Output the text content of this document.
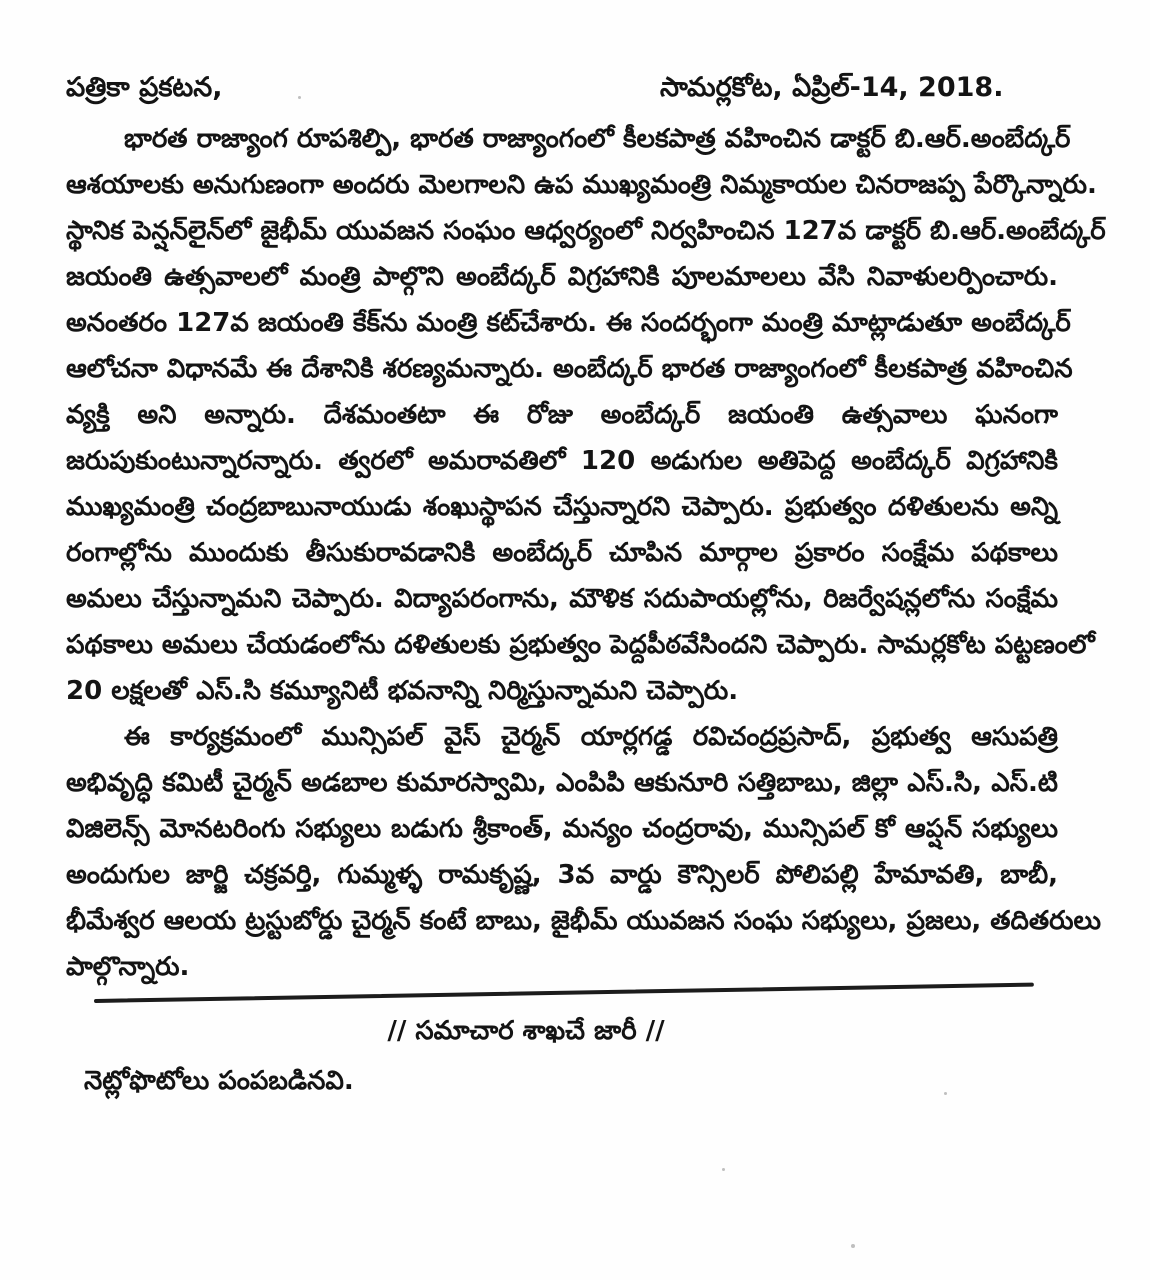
పత్రికా ప్రకటన,	సామర్లకోట, ఏప్రిల్-14, 2018.
భారత రాజ్యాంగ రూపశిల్పి, భారత రాజ్యాంగంలో కీలకపాత్ర వహించిన డాక్టర్ బి.ఆర్.అంబేద్కర్
ఆశయాలకు అనుగుణంగా అందరు మెలగాలని ఉప ముఖ్యమంత్రి నిమ్మకాయల చినరాజప్ప పేర్కొన్నారు.
స్థానిక పెన్షన్‌లైన్‌లో జైభీమ్ యువజన సంఘం ఆధ్వర్యంలో నిర్వహించిన 127వ డాక్టర్ బి.ఆర్.అంబేద్కర్
జయంతి ఉత్సవాలలో మంత్రి పాల్గొని అంబేద్కర్ విగ్రహానికి పూలమాలలు వేసి నివాళులర్పించారు.
అనంతరం 127వ జయంతి కేక్‌ను మంత్రి కట్‌చేశారు. ఈ సందర్భంగా మంత్రి మాట్లాడుతూ అంబేద్కర్
ఆలోచనా విధానమే ఈ దేశానికి శరణ్యమన్నారు. అంబేద్కర్ భారత రాజ్యాంగంలో కీలకపాత్ర వహించిన
వ్యక్తి అని అన్నారు. దేశమంతటా ఈ రోజు అంబేద్కర్ జయంతి ఉత్సవాలు ఘనంగా
జరుపుకుంటున్నారన్నారు. త్వరలో అమరావతిలో 120 అడుగుల అతిపెద్ద అంబేద్కర్ విగ్రహానికి
ముఖ్యమంత్రి చంద్రబాబునాయుడు శంఖుస్థాపన చేస్తున్నారని చెప్పారు. ప్రభుత్వం దళితులను అన్ని
రంగాల్లోను ముందుకు తీసుకురావడానికి అంబేద్కర్ చూపిన మార్గాల ప్రకారం సంక్షేమ పథకాలు
అమలు చేస్తున్నామని చెప్పారు. విద్యాపరంగాను, మౌళిక సదుపాయల్లోను, రిజర్వేషన్లలోను సంక్షేమ
పథకాలు అమలు చేయడంలోను దళితులకు ప్రభుత్వం పెద్దపీఠవేసిందని చెప్పారు. సామర్లకోట పట్టణంలో
20 లక్షలతో ఎస్.సి కమ్యూనిటీ భవనాన్ని నిర్మిస్తున్నామని చెప్పారు.
ఈ కార్యక్రమంలో మున్సిపల్ వైస్ చైర్మన్ యార్లగడ్డ రవిచంద్రప్రసాద్, ప్రభుత్వ ఆసుపత్రి
అభివృద్ధి కమిటీ చైర్మన్ అడబాల కుమారస్వామి, ఎంపిపి ఆకునూరి సత్తిబాబు, జిల్లా ఎస్.సి, ఎస్.టి
విజిలెన్స్ మోనటరింగు సభ్యులు బడుగు శ్రీకాంత్, మన్యం చంద్రరావు, మున్సిపల్ కో ఆప్షన్ సభ్యులు
అందుగుల జార్జి చక్రవర్తి, గుమ్మళ్ళ రామకృష్ణ, 3వ వార్డు కౌన్సిలర్ పోలిపల్లి హేమావతి, బాబీ,
భీమేశ్వర ఆలయ ట్రస్టుబోర్డు చైర్మన్ కంటే బాబు, జైభీమ్ యువజన సంఘ సభ్యులు, ప్రజలు, తదితరులు
పాల్గొన్నారు.
// సమాచార శాఖచే జారీ //
నెట్లోఫొటోలు పంపబడినవి.
